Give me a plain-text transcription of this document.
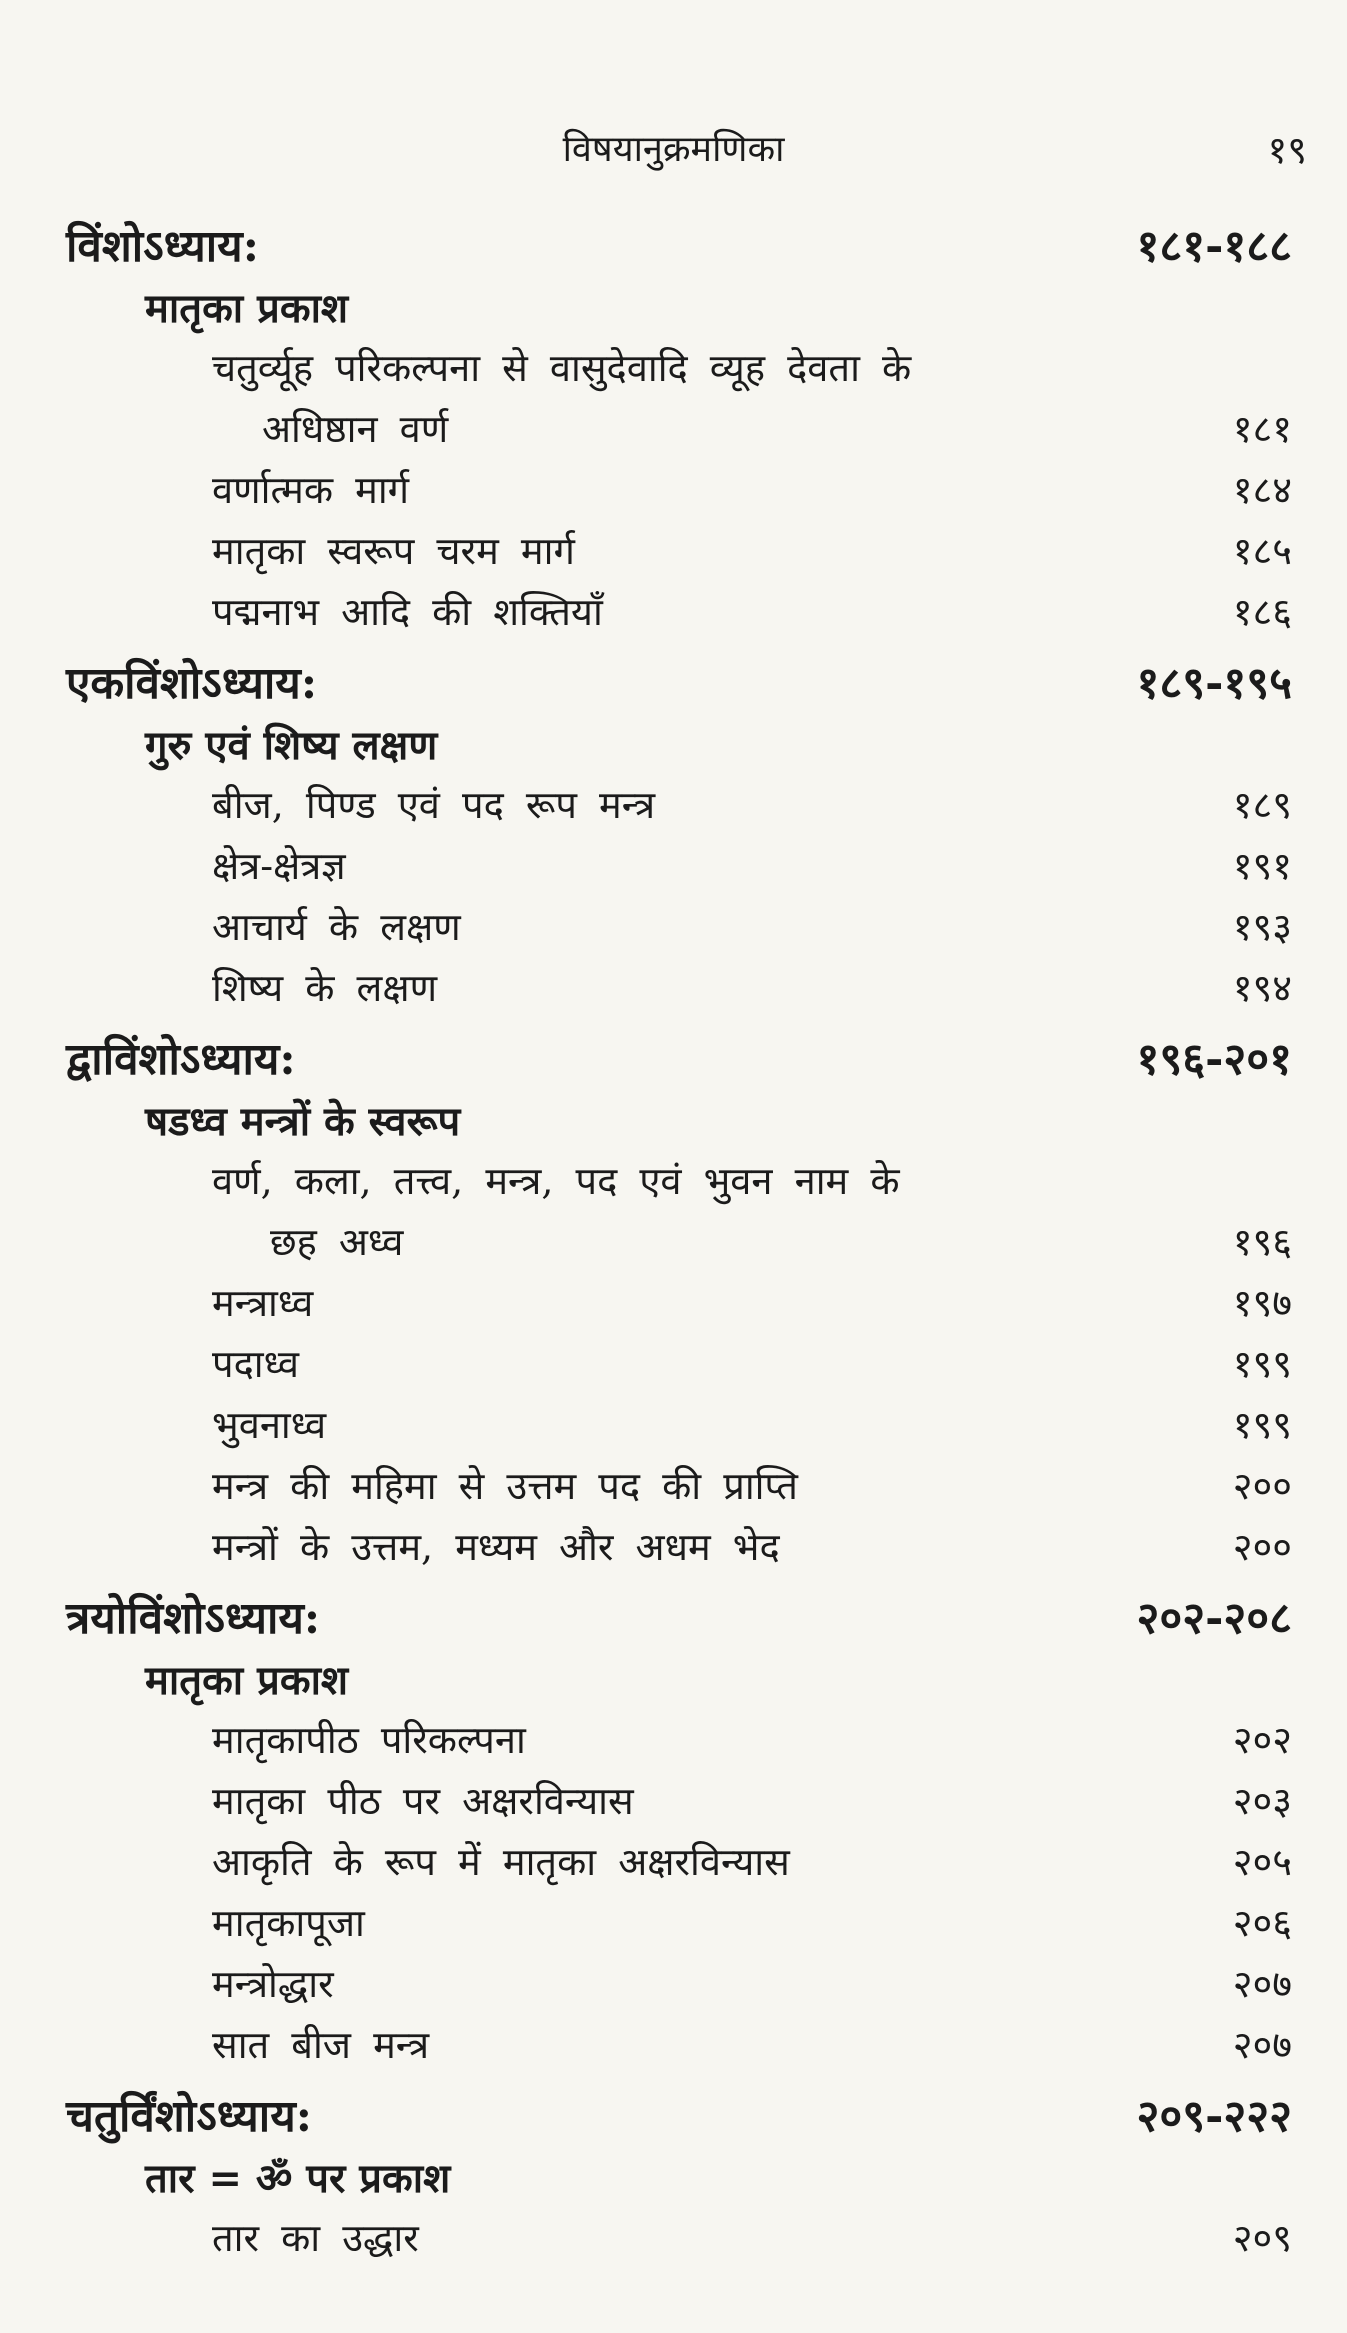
विषयानुक्रमणिका	१९
विंशोऽध्याय:	१८१-१८८
मातृका प्रकाश
चतुर्व्यूह परिकल्पना से वासुदेवादि व्यूह देवता के
अधिष्ठान वर्ण	१८१
वर्णात्मक मार्ग	१८४
मातृका स्वरूप चरम मार्ग	१८५
पद्मनाभ आदि की शक्तियाँ	१८६
एकविंशोऽध्याय:	१८९-१९५
गुरु एवं शिष्य लक्षण
बीज, पिण्ड एवं पद रूप मन्त्र	१८९
क्षेत्र-क्षेत्रज्ञ	१९१
आचार्य के लक्षण	१९३
शिष्य के लक्षण	१९४
द्वाविंशोऽध्याय:	१९६-२०१
षडध्व मन्त्रों के स्वरूप
वर्ण, कला, तत्त्व, मन्त्र, पद एवं भुवन नाम के
छह अध्व	१९६
मन्त्राध्व	१९७
पदाध्व	१९९
भुवनाध्व	१९९
मन्त्र की महिमा से उत्तम पद की प्राप्ति	२००
मन्त्रों के उत्तम, मध्यम और अधम भेद	२००
त्रयोविंशोऽध्याय:	२०२-२०८
मातृका प्रकाश
मातृकापीठ परिकल्पना	२०२
मातृका पीठ पर अक्षरविन्यास	२०३
आकृति के रूप में मातृका अक्षरविन्यास	२०५
मातृकापूजा	२०६
मन्त्रोद्धार	२०७
सात बीज मन्त्र	२०७
चतुर्विंशोऽध्याय:	२०९-२२२
तार = ॐ पर प्रकाश
तार का उद्धार	२०९
